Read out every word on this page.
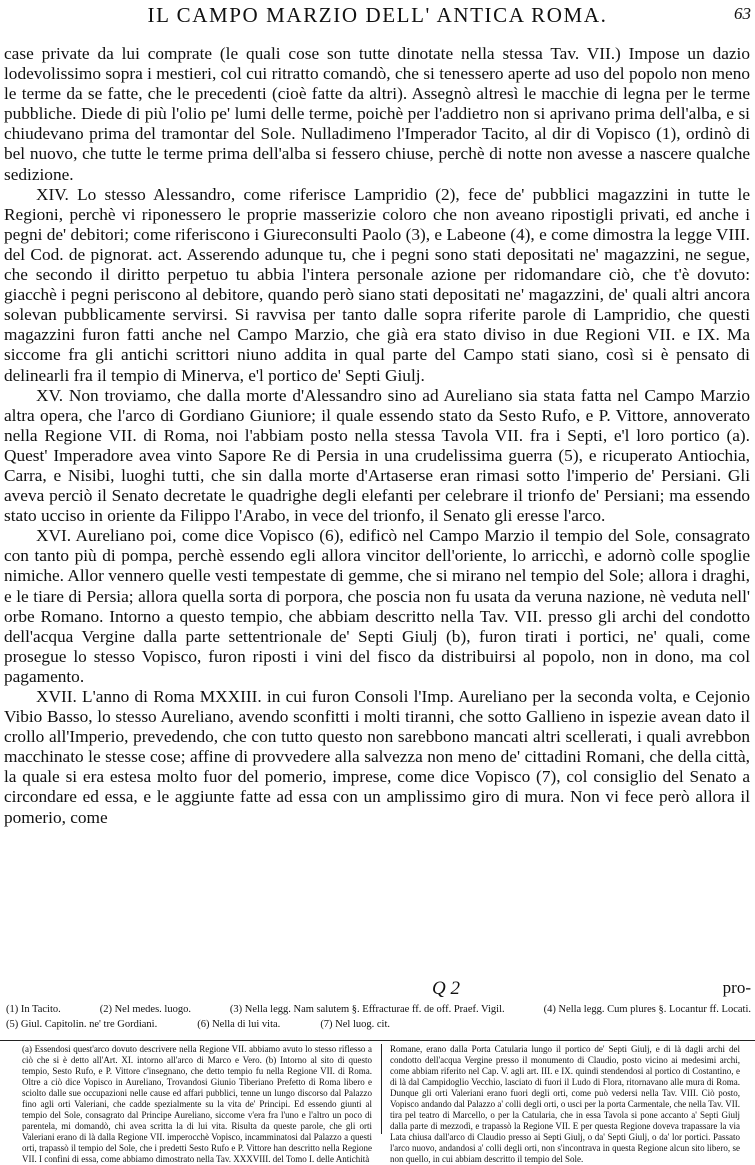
IL CAMPO MARZIO DELL' ANTICA ROMA.	63

case private da lui comprate (le quali cose son tutte dinotate nella stessa Tav. VII.) Impose un dazio lodevolissimo sopra i mestieri, col cui ritratto comandò, che si tenessero aperte ad uso del popolo non meno le terme da se fatte, che le precedenti (cioè fatte da altri). Assegnò altresì le macchie di legna per le terme pubbliche. Diede di più l'olio pe' lumi delle terme, poichè per l'addietro non si aprivano prima dell'alba, e si chiudevano prima del tramontar del Sole. Nulladimeno l'Imperador Tacito, al dir di Vopisco (1), ordinò di bel nuovo, che tutte le terme prima dell'alba si fessero chiuse, perchè di notte non avesse a nascere qualche sedizione.

XIV. Lo stesso Alessandro, come riferisce Lampridio (2), fece de' pubblici magazzini in tutte le Regioni, perchè vi riponessero le proprie masserizie coloro che non aveano ripostigli privati, ed anche i pegni de' debitori; come riferiscono i Giureconsulti Paolo (3), e Labeone (4), e come dimostra la legge VIII. del Cod. de pignorat. act. Asserendo adunque tu, che i pegni sono stati depositati ne' magazzini, ne segue, che secondo il diritto perpetuo tu abbia l'intera personale azione per ridomandare ciò, che t'è dovuto: giacchè i pegni periscono al debitore, quando però siano stati depositati ne' magazzini, de' quali altri ancora solevan pubblicamente servirsi. Si ravvisa per tanto dalle sopra riferite parole di Lampridio, che questi magazzini furon fatti anche nel Campo Marzio, che già era stato diviso in due Regioni VII. e IX. Ma siccome fra gli antichi scrittori niuno addita in qual parte del Campo stati siano, così si è pensato di delinearli fra il tempio di Minerva, e'l portico de' Septi Giulj.

XV. Non troviamo, che dalla morte d'Alessandro sino ad Aureliano sia stata fatta nel Campo Marzio altra opera, che l'arco di Gordiano Giuniore; il quale essendo stato da Sesto Rufo, e P. Vittore, annoverato nella Regione VII. di Roma, noi l'abbiam posto nella stessa Tavola VII. fra i Septi, e'l loro portico (a). Quest' Imperadore avea vinto Sapore Re di Persia in una crudelissima guerra (5), e ricuperato Antiochia, Carra, e Nisibi, luoghi tutti, che sin dalla morte d'Artaserse eran rimasi sotto l'imperio de' Persiani. Gli aveva perciò il Senato decretate le quadrighe degli elefanti per celebrare il trionfo de' Persiani; ma essendo stato ucciso in oriente da Filippo l'Arabo, in vece del trionfo, il Senato gli eresse l'arco.

XVI. Aureliano poi, come dice Vopisco (6), edificò nel Campo Marzio il tempio del Sole, consagrato con tanto più di pompa, perchè essendo egli allora vincitor dell'oriente, lo arricchì, e adornò colle spoglie nimiche. Allor vennero quelle vesti tempestate di gemme, che si mirano nel tempio del Sole; allora i draghi, e le tiare di Persia; allora quella sorta di porpora, che poscia non fu usata da veruna nazione, nè veduta nell' orbe Romano. Intorno a questo tempio, che abbiam descritto nella Tav. VII. presso gli archi del condotto dell'acqua Vergine dalla parte settentrionale de' Septi Giulj (b), furon tirati i portici, ne' quali, come prosegue lo stesso Vopisco, furon riposti i vini del fisco da distribuirsi al popolo, non in dono, ma col pagamento.

XVII. L'anno di Roma MXXIII. in cui furon Consoli l'Imp. Aureliano per la seconda volta, e Cejonio Vibio Basso, lo stesso Aureliano, avendo sconfitti i molti tiranni, che sotto Gallieno in ispezie avean dato il crollo all'Imperio, prevedendo, che con tutto questo non sarebbono mancati altri scellerati, i quali avrebbon macchinato le stesse cose; affine di provvedere alla salvezza non meno de' cittadini Romani, che della città, la quale si era estesa molto fuor del pomerio, imprese, come dice Vopisco (7), col consiglio del Senato a circondare ed essa, e le aggiunte fatte ad essa con un amplissimo giro di mura. Non vi fece però allora il pomerio, come

Q 2	pro-
(1) In Tacito.	(2) Nel medes. luogo.	(3) Nella legg. Nam salutem §. Effracturae ff. de off. Praef. Vigil.	(4) Nella legg. Cum plures §. Locantur ff. Locati.
(5) Giul. Capitolin. ne' tre Gordiani.	(6) Nella di lui vita.	(7) Nel luog. cit.
(a) Essendosi quest'arco dovuto descrivere nella Regione VII. abbiamo avuto lo stesso riflesso a ciò che si è detto all'Art. XI. intorno all'arco di Marco e Vero. (b) Intorno al sito di questo tempio, Sesto Rufo, e P. Vittore c'insegnano, che detto tempio fu nella Regione VII. di Roma. Oltre a ciò dice Vopisco in Aureliano, Trovandosi Giunio Tiberiano Prefetto di Roma libero e sciolto dalle sue occupazioni nelle cause ed affari pubblici, tenne un lungo discorso dal Palazzo fino agli orti Valeriani, che cadde spezialmente su la vita de' Principi. Ed essendo giunti al tempio del Sole, consagrato dal Principe Aureliano, siccome v'era fra l'uno e l'altro un poco di parentela, mi domandò, chi avea scritta la di lui vita. Risulta da queste parole, che gli orti Valeriani erano di là dalla Regione VII. imperocchè Vopisco, incamminatosi dal Palazzo a questi orti, trapassò il tempio del Sole, che i predetti Sesto Rufo e P. Vittore han descritto nella Regione VII. I confini di essa, come abbiamo dimostrato nella Tav. XXXVIII. del Tomo I. delle Antichità
Romane, erano dalla Porta Catularia lungo il portico de' Septi Giulj, e di là dagli archi del condotto dell'acqua Vergine presso il monumento di Claudio, posto vicino ai medesimi archi, come abbiam riferito nel Cap. V. agli art. III. e IX. quindi stendendosi al portico di Costantino, e di là dal Campidoglio Vecchio, lasciato di fuori il Ludo di Flora, ritornavano alle mura di Roma. Dunque gli orti Valeriani erano fuori degli orti, come può vedersi nella Tav. VIII. Ciò posto, Vopisco andando dal Palazzo a' colli degli orti, o usci per la porta Carmentale, che nella Tav. VII. tira pel teatro di Marcello, o per la Catularia, che in essa Tavola si pone accanto a' Septi Giulj dalla parte di mezzodì, e trapassò la Regione VII. E per questa Regione doveva trapassare la via Lata chiusa dall'arco di Claudio presso ai Septi Giulj, o da' Septi Giulj, o da' lor portici. Passato l'arco nuovo, andandosi a' colli degli orti, non s'incontrava in questa Regione alcun sito libero, se non quello, in cui abbiam descritto il tempio del Sole.
